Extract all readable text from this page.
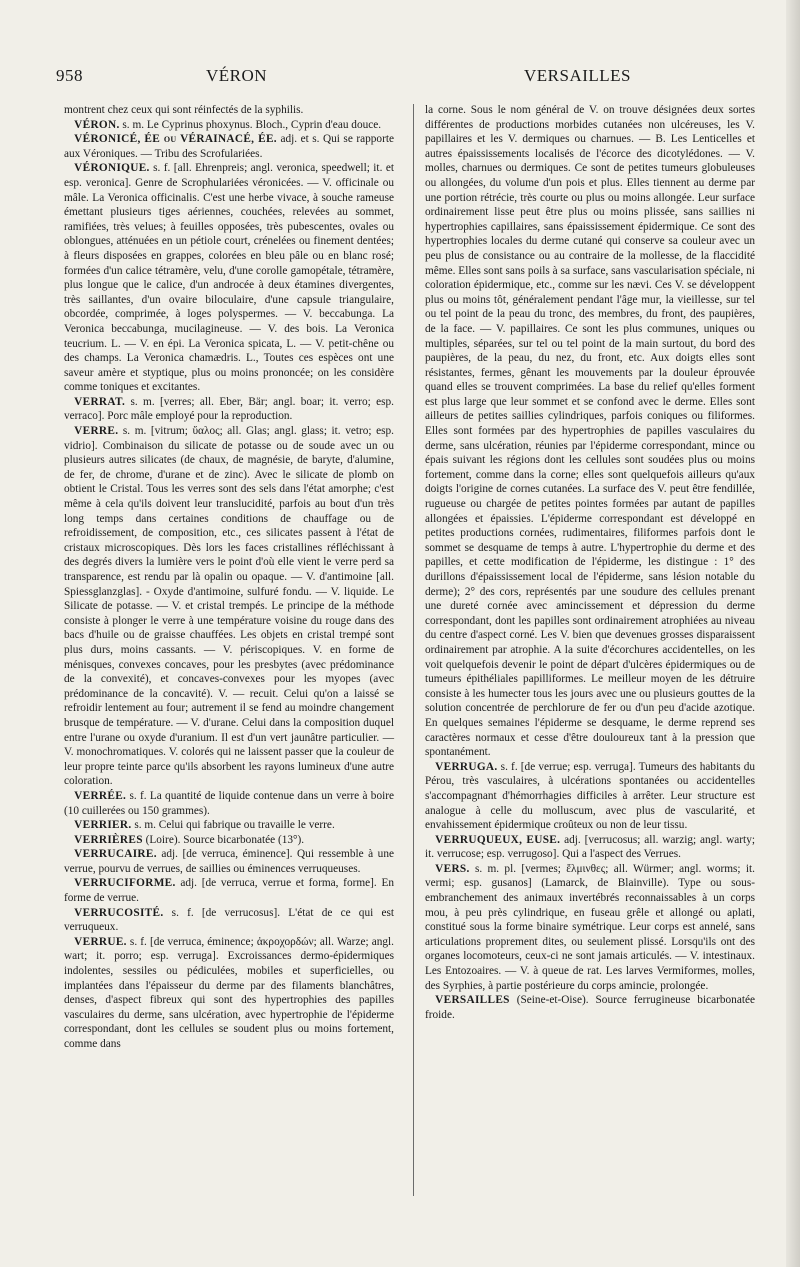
958	VÉRON	VERSAILLES

montrent chez ceux qui sont réinfectés de la syphilis.

VÉRON. s. m. Le Cyprinus phoxynus. Bloch., Cyprin d'eau douce.

VÉRONICÉ, ÉE ou VÉRAINACÉ, ÉE. adj. et s. Qui se rapporte aux Véroniques. — Tribu des Scrofulariées.

VÉRONIQUE. s. f. [all. Ehrenpreis; angl. veronica, speedwell; it. et esp. veronica]. Genre de Scrophulariées véronicées. — V. officinale ou mâle. La Veronica officinalis. C'est une herbe vivace, à souche rameuse émettant plusieurs tiges aériennes, couchées, relevées au sommet, ramifiées, très velues; à feuilles opposées, très pubescentes, ovales ou oblongues, atténuées en un pétiole court, crénelées ou finement dentées; à fleurs disposées en grappes, colorées en bleu pâle ou en blanc rosé; formées d'un calice tétramère, velu, d'une corolle gamopétale, tétramère, plus longue que le calice, d'un androcée à deux étamines divergentes, très saillantes, d'un ovaire biloculaire, d'une capsule triangulaire, obcordée, comprimée, à loges polyspermes. — V. beccabunga. La Veronica beccabunga, mucilagineuse. — V. des bois. La Veronica teucrium. L. — V. en épi. La Veronica spicata, L. — V. petit-chêne ou des champs. La Veronica chamædris. L., Toutes ces espèces ont une saveur amère et styptique, plus ou moins prononcée; on les considère comme toniques et excitantes.

VERRAT. s. m. [verres; all. Eber, Bär; angl. boar; it. verro; esp. verraco]. Porc mâle employé pour la reproduction.

VERRE. s. m. [vitrum; ὕαλος; all. Glas; angl. glass; it. vetro; esp. vidrio]. Combinaison du silicate de potasse ou de soude avec un ou plusieurs autres silicates (de chaux, de magnésie, de baryte, d'alumine, de fer, de chrome, d'urane et de zinc). Avec le silicate de plomb on obtient le Cristal. Tous les verres sont des sels dans l'état amorphe; c'est même à cela qu'ils doivent leur translucidité, parfois au bout d'un très long temps dans certaines conditions de chauffage ou de refroidissement, de composition, etc., ces silicates passent à l'état de cristaux microscopiques. Dès lors les faces cristallines réfléchissant à des degrés divers la lumière vers le point d'où elle vient le verre perd sa transparence, est rendu par là opalin ou opaque. — V. d'antimoine [all. Spiessglanzglas]. - Oxyde d'antimoine, sulfuré fondu. — V. liquide. Le Silicate de potasse. — V. et cristal trempés. Le principe de la méthode consiste à plonger le verre à une température voisine du rouge dans des bacs d'huile ou de graisse chauffées. Les objets en cristal trempé sont plus durs, moins cassants. — V. périscopiques. V. en forme de ménisques, convexes concaves, pour les presbytes (avec prédominance de la convexité), et concaves-convexes pour les myopes (avec prédominance de la concavité). V. — recuit. Celui qu'on a laissé se refroidir lentement au four; autrement il se fend au moindre changement brusque de température. — V. d'urane. Celui dans la composition duquel entre l'urane ou oxyde d'uranium. Il est d'un vert jaunâtre particulier. — V. monochromatiques. V. colorés qui ne laissent passer que la couleur de leur propre teinte parce qu'ils absorbent les rayons lumineux d'une autre coloration.

VERRÉE. s. f. La quantité de liquide contenue dans un verre à boire (10 cuillerées ou 150 grammes).

VERRIER. s. m. Celui qui fabrique ou travaille le verre.

VERRIÈRES (Loire). Source bicarbonatée (13°).

VERRUCAIRE. adj. [de verruca, éminence]. Qui ressemble à une verrue, pourvu de verrues, de saillies ou éminences verruqueuses.

VERRUCIFORME. adj. [de verruca, verrue et forma, forme]. En forme de verrue.

VERRUCOSITÉ. s. f. [de verrucosus]. L'état de ce qui est verruqueux.

VERRUE. s. f. [de verruca, éminence; ἀκροχορδών; all. Warze; angl. wart; it. porro; esp. verruga]. Excroissances dermo-épidermiques indolentes, sessiles ou pédiculées, mobiles et superficielles, ou implantées dans l'épaisseur du derme par des filaments blanchâtres, denses, d'aspect fibreux qui sont des hypertrophies des papilles vasculaires du derme, sans ulcération, avec hypertrophie de l'épiderme correspondant, dont les cellules se soudent plus ou moins fortement, comme dans

la corne. Sous le nom général de V. on trouve désignées deux sortes différentes de productions morbides cutanées non ulcéreuses, les V. papillaires et les V. dermiques ou charnues. — B. Les Lenticelles et autres épaississements localisés de l'écorce des dicotylédones. — V. molles, charnues ou dermiques. Ce sont de petites tumeurs globuleuses ou allongées, du volume d'un pois et plus. Elles tiennent au derme par une portion rétrécie, très courte ou plus ou moins allongée. Leur surface ordinairement lisse peut être plus ou moins plissée, sans saillies ni hypertrophies capillaires, sans épaississement épidermique. Ce sont des hypertrophies locales du derme cutané qui conserve sa couleur avec un peu plus de consistance ou au contraire de la mollesse, de la flaccidité même. Elles sont sans poils à sa surface, sans vascularisation spéciale, ni coloration épidermique, etc., comme sur les nævi. Ces V. se développent plus ou moins tôt, généralement pendant l'âge mur, la vieillesse, sur tel ou tel point de la peau du tronc, des membres, du front, des paupières, de la face. — V. papillaires. Ce sont les plus communes, uniques ou multiples, séparées, sur tel ou tel point de la main surtout, du bord des paupières, de la peau, du nez, du front, etc. Aux doigts elles sont résistantes, fermes, gênant les mouvements par la douleur éprouvée quand elles se trouvent comprimées. La base du relief qu'elles forment est plus large que leur sommet et se confond avec le derme. Elles sont ailleurs de petites saillies cylindriques, parfois coniques ou filiformes. Elles sont formées par des hypertrophies de papilles vasculaires du derme, sans ulcération, réunies par l'épiderme correspondant, mince ou épais suivant les régions dont les cellules sont soudées plus ou moins fortement, comme dans la corne; elles sont quelquefois ailleurs qu'aux doigts l'origine de cornes cutanées. La surface des V. peut être fendillée, rugueuse ou chargée de petites pointes formées par autant de papilles allongées et épaissies. L'épiderme correspondant est développé en petites productions cornées, rudimentaires, filiformes parfois dont le sommet se desquame de temps à autre. L'hypertrophie du derme et des papilles, et cette modification de l'épiderme, les distingue : 1° des durillons d'épaississement local de l'épiderme, sans lésion notable du derme); 2° des cors, représentés par une soudure des cellules prenant une dureté cornée avec amincissement et dépression du derme correspondant, dont les papilles sont ordinairement atrophiées au niveau du centre d'aspect corné. Les V. bien que devenues grosses disparaissent ordinairement par atrophie. A la suite d'écorchures accidentelles, on les voit quelquefois devenir le point de départ d'ulcères épidermiques ou de tumeurs épithéliales papilliformes. Le meilleur moyen de les détruire consiste à les humecter tous les jours avec une ou plusieurs gouttes de la solution concentrée de perchlorure de fer ou d'un peu d'acide azotique. En quelques semaines l'épiderme se desquame, le derme reprend ses caractères normaux et cesse d'être douloureux tant à la pression que spontanément.

VERRUGA. s. f. [de verrue; esp. verruga]. Tumeurs des habitants du Pérou, très vasculaires, à ulcérations spontanées ou accidentelles s'accompagnant d'hémorrhagies difficiles à arrêter. Leur structure est analogue à celle du molluscum, avec plus de vascularité, et envahissement épidermique croûteux ou non de leur tissu.

VERRUQUEUX, EUSE. adj. [verrucosus; all. warzig; angl. warty; it. verrucose; esp. verrugoso]. Qui a l'aspect des Verrues.

VERS. s. m. pl. [vermes; ἕλμινθες; all. Würmer; angl. worms; it. vermi; esp. gusanos] (Lamarck, de Blainville). Type ou sous-embranchement des animaux invertébrés reconnaissables à un corps mou, à peu près cylindrique, en fuseau grêle et allongé ou aplati, constitué sous la forme binaire symétrique. Leur corps est annelé, sans articulations proprement dites, ou seulement plissé. Lorsqu'ils ont des organes locomoteurs, ceux-ci ne sont jamais articulés. — V. intestinaux. Les Entozoaires. — V. à queue de rat. Les larves Vermiformes, molles, des Syrphies, à partie postérieure du corps amincie, prolongée.

VERSAILLES (Seine-et-Oise). Source ferrugineuse bicarbonatée froide.
